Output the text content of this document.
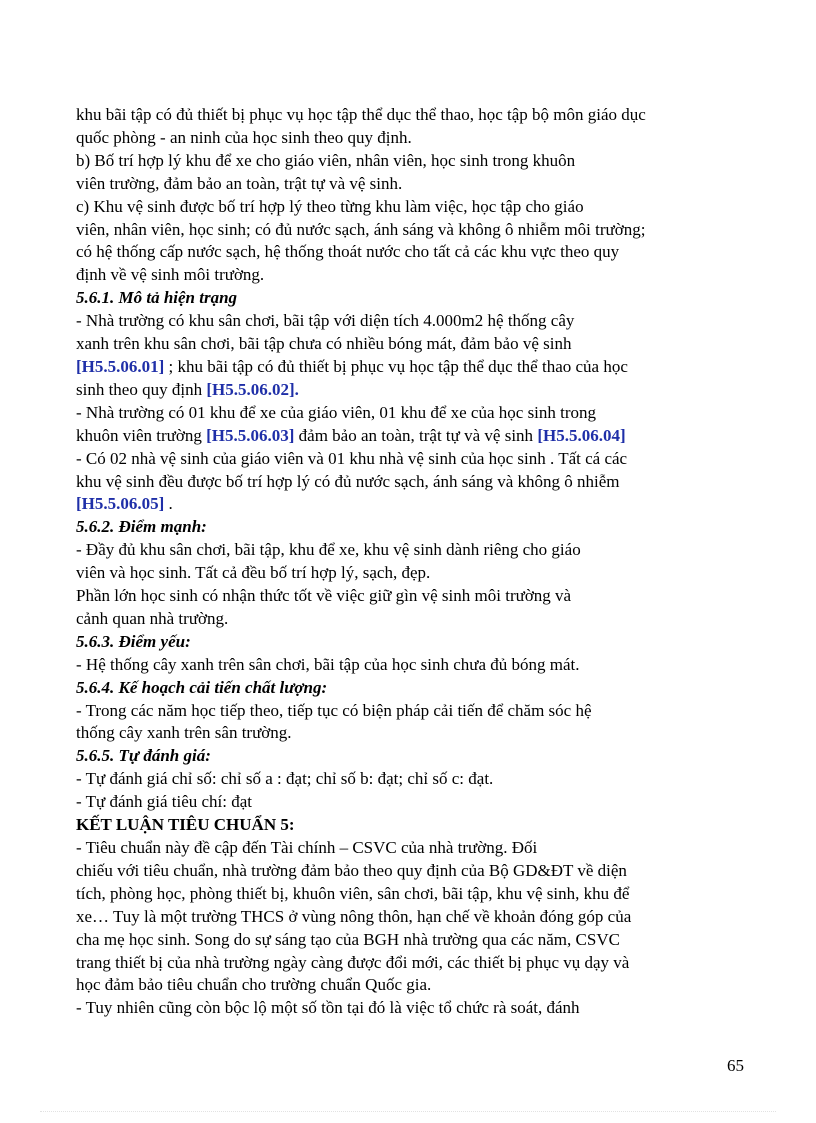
khu bãi tập có đủ thiết bị phục vụ học tập thể dục thể thao, học tập bộ môn giáo dục
quốc phòng - an ninh của học sinh theo quy định.
b) Bố trí hợp lý khu để xe cho giáo viên, nhân viên, học sinh trong khuôn
viên trường, đảm bảo an toàn, trật tự và vệ sinh.
c) Khu vệ sinh được bố trí hợp lý theo từng khu làm việc, học tập cho giáo
viên, nhân viên, học sinh; có đủ nước sạch, ánh sáng và không ô nhiễm môi trường;
có hệ thống cấp nước sạch, hệ thống thoát nước cho tất cả các khu vực theo quy
định về vệ sinh môi trường.
5.6.1. Mô tả hiện trạng
- Nhà trường có khu sân chơi, bãi tập với diện tích 4.000m2 hệ thống cây
xanh trên khu sân chơi, bãi tập chưa có nhiều bóng mát, đảm bảo vệ sinh
[H5.5.06.01] ; khu bãi tập có đủ thiết bị phục vụ học tập thể dục thể thao của học
sinh theo quy định [H5.5.06.02].
- Nhà trường có 01 khu để xe của giáo viên, 01 khu để xe của học sinh trong
khuôn viên trường [H5.5.06.03] đảm bảo an toàn, trật tự và vệ sinh [H5.5.06.04]
- Có 02 nhà vệ sinh của giáo viên và 01 khu nhà vệ sinh của học sinh . Tất cá các
khu vệ sinh đều được bố trí hợp lý có đủ nước sạch, ánh sáng và không ô nhiễm
[H5.5.06.05] .
5.6.2. Điểm mạnh:
- Đầy đủ khu sân chơi, bãi tập, khu để xe, khu vệ sinh dành riêng cho giáo
viên và học sinh. Tất cả đều bố trí hợp lý, sạch, đẹp.
Phần lớn học sinh có nhận thức tốt về việc giữ gìn vệ sinh môi trường và
cảnh quan nhà trường.
5.6.3. Điểm yếu:
- Hệ thống cây xanh trên sân chơi, bãi tập của học sinh chưa đủ bóng mát.
5.6.4. Kế hoạch cải tiến chất lượng:
- Trong các năm học tiếp theo, tiếp tục có biện pháp cải tiến để chăm sóc hệ
thống cây xanh trên sân trường.
5.6.5. Tự đánh giá:
- Tự đánh giá chỉ số: chỉ số a : đạt; chỉ số b: đạt; chỉ số c: đạt.
- Tự đánh giá tiêu chí: đạt
KẾT LUẬN TIÊU CHUẨN 5:
- Tiêu chuẩn này đề cập đến Tài chính – CSVC của nhà trường. Đối
chiếu với tiêu chuẩn, nhà trường đảm bảo theo quy định của Bộ GD&ĐT về diện
tích, phòng học, phòng thiết bị, khuôn viên, sân chơi, bãi tập, khu vệ sinh, khu để
xe… Tuy là một trường THCS ở vùng nông thôn, hạn chế về khoản đóng góp của
cha mẹ học sinh. Song do sự sáng tạo của BGH nhà trường qua các năm, CSVC
trang thiết bị của nhà trường ngày càng được đổi mới, các thiết bị phục vụ dạy và
học đảm bảo tiêu chuẩn cho trường chuẩn Quốc gia.
- Tuy nhiên cũng còn bộc lộ một số tồn tại đó là việc tổ chức rà soát, đánh
65
